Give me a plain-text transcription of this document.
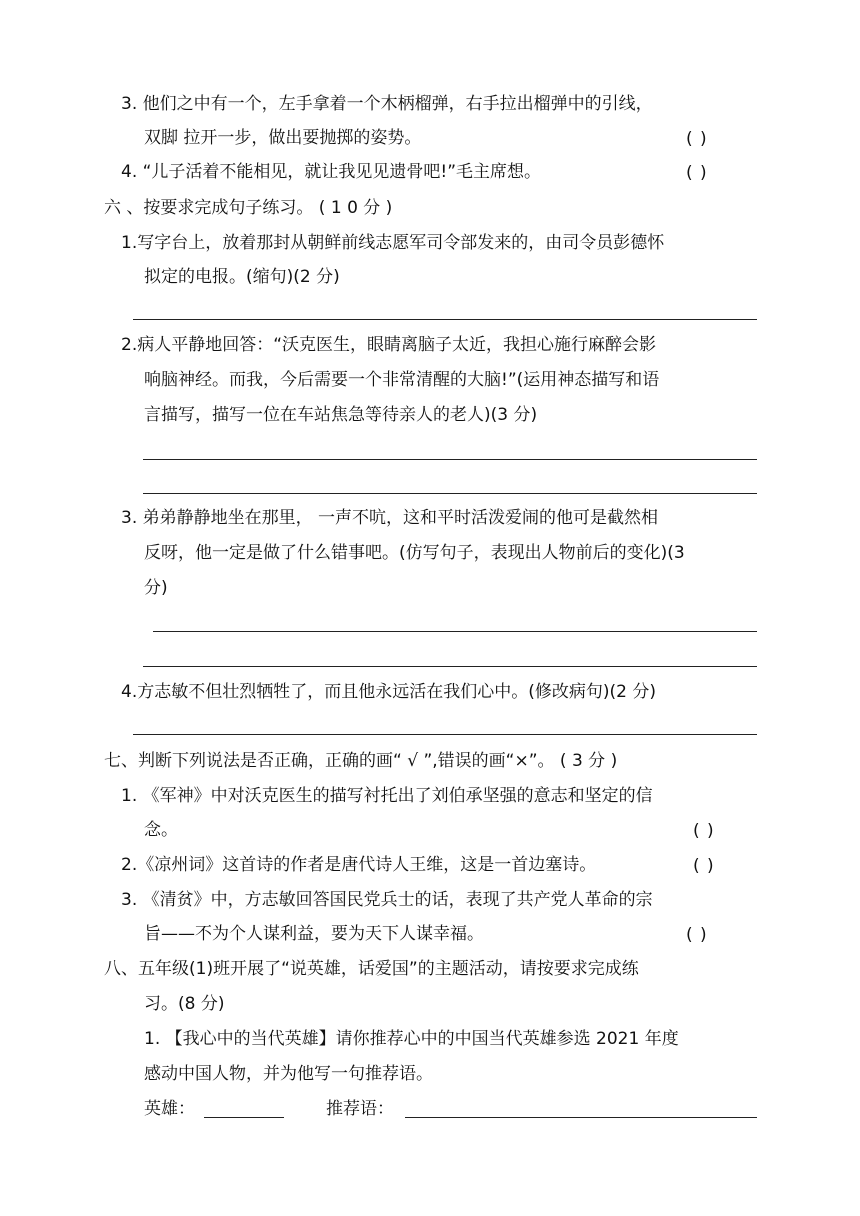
3. 他们之中有一个，左手拿着一个木柄榴弹，右手拉出榴弹中的引线，
双脚 拉开一步，做出要抛掷的姿势。	( )
4. “儿子活着不能相见，就让我见见遗骨吧!”毛主席想。	( )
六 、按要求完成句子练习。 ( 1 0 分 )
1.写字台上，放着那封从朝鲜前线志愿军司令部发来的，由司令员彭德怀
拟定的电报。(缩句)(2 分)
2.病人平静地回答：“沃克医生，眼睛离脑子太近，我担心施行麻醉会影
响脑神经。而我，今后需要一个非常清醒的大脑!”(运用神态描写和语
言描写，描写一位在车站焦急等待亲人的老人)(3 分)
3. 弟弟静静地坐在那里， 一声不吭，这和平时活泼爱闹的他可是截然相
反呀，他一定是做了什么错事吧。(仿写句子，表现出人物前后的变化)(3
分)
4.方志敏不但壮烈牺牲了，而且他永远活在我们心中。(修改病句)(2 分)
七、判断下列说法是否正确，正确的画“ √ ”,错误的画“×”。 ( 3 分 )
1. 《军神》中对沃克医生的描写衬托出了刘伯承坚强的意志和坚定的信
念。	( )
2.《凉州词》这首诗的作者是唐代诗人王维，这是一首边塞诗。	( )
3. 《清贫》中，方志敏回答国民党兵士的话，表现了共产党人革命的宗
旨——不为个人谋利益，要为天下人谋幸福。	( )
八、五年级(1)班开展了“说英雄，话爱国”的主题活动，请按要求完成练
习。(8 分)
1. 【我心中的当代英雄】请你推荐心中的中国当代英雄参选 2021 年度
感动中国人物，并为他写一句推荐语。
英雄：	推荐语：
